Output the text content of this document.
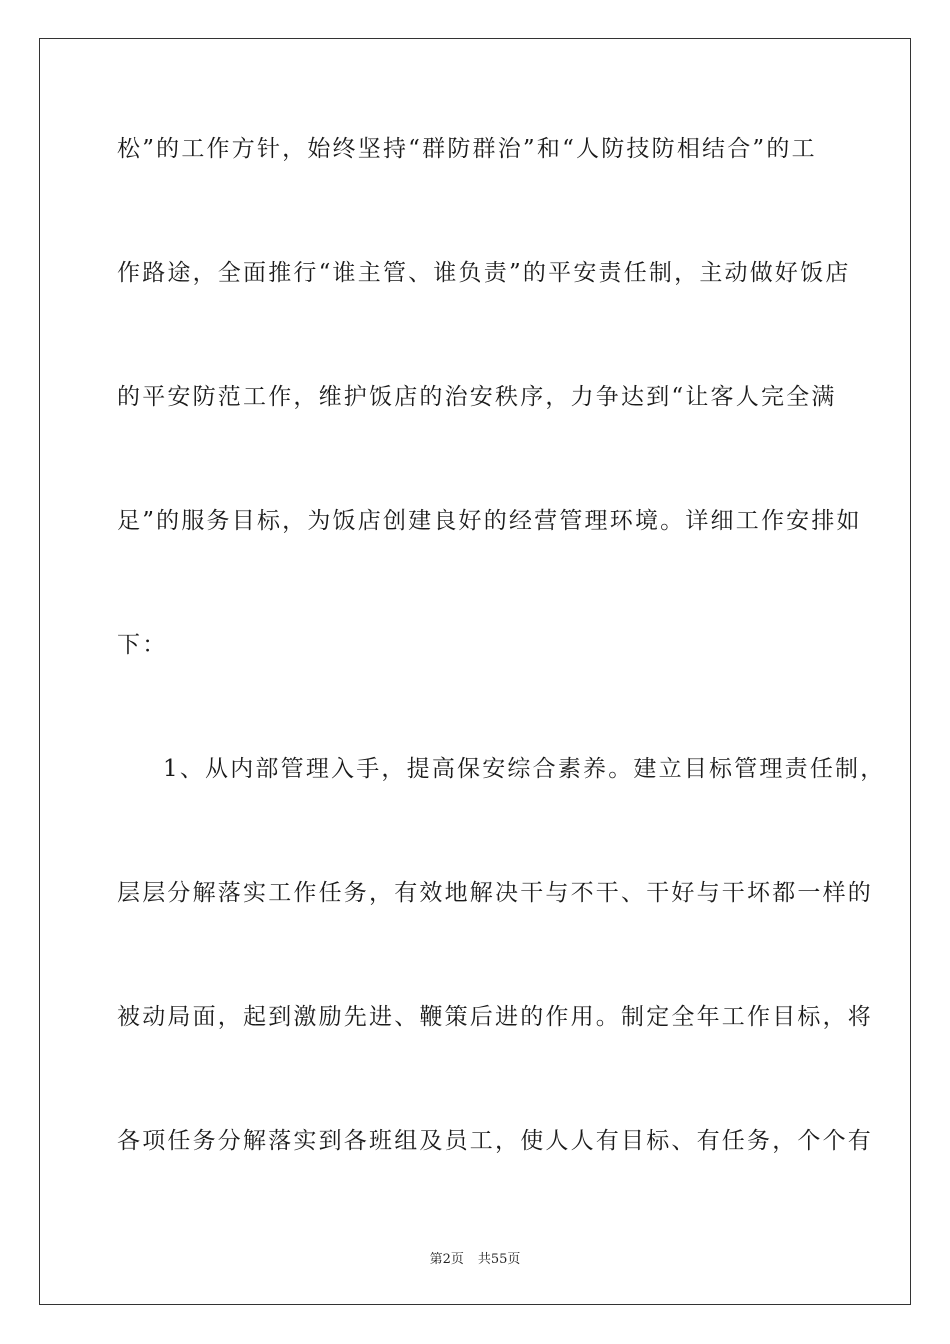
松”的工作方针，始终坚持“群防群治”和“人防技防相结合”的工
作路途，全面推行“谁主管、谁负责”的平安责任制，主动做好饭店
的平安防范工作，维护饭店的治安秩序，力争达到“让客人完全满
足”的服务目标，为饭店创建良好的经营管理环境。详细工作安排如
下：
1、从内部管理入手，提高保安综合素养。建立目标管理责任制，
层层分解落实工作任务，有效地解决干与不干、干好与干坏都一样的
被动局面，起到激励先进、鞭策后进的作用。制定全年工作目标，将
各项任务分解落实到各班组及员工，使人人有目标、有任务，个个有
第2页 共55页
